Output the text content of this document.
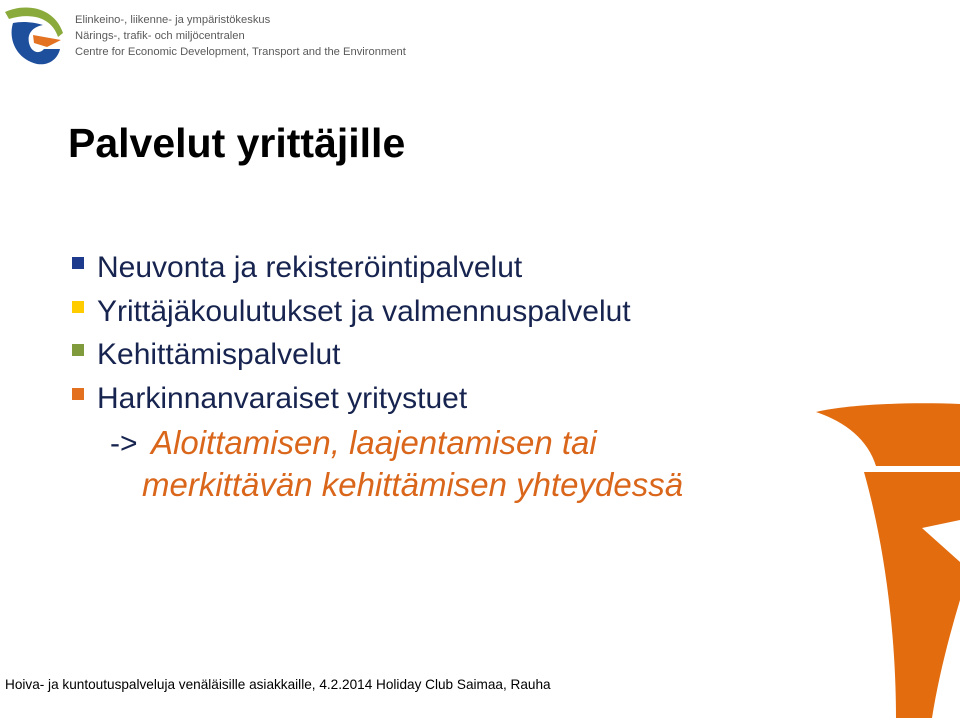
Elinkeino-, liikenne- ja ympäristökeskus
Närings-, trafik- och miljöcentralen
Centre for Economic Development, Transport and the Environment
Palvelut yrittäjille
Neuvonta ja rekisteröintipalvelut
Yrittäjäkoulutukset ja valmennuspalvelut
Kehittämispalvelut
Harkinnanvaraiset yritystuet
-> Aloittamisen, laajentamisen tai
merkittävän kehittämisen yhteydessä
Hoiva- ja kuntoutuspalveluja venäläisille asiakkaille, 4.2.2014 Holiday Club Saimaa, Rauha
